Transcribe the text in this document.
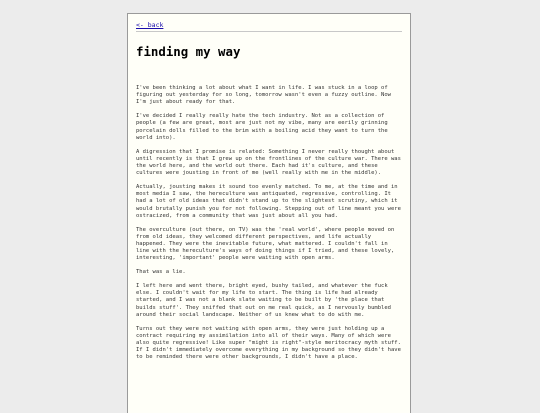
<- back
finding my way

I've been thinking a lot about what I want in life. I was stuck in a loop of figuring out yesterday for so long, tomorrow wasn't even a fuzzy outline. Now I'm just about ready for that.

I've decided I really really hate the tech industry. Not as a collection of people (a few are great, most are just not my vibe, many are eerily grinning porcelain dolls filled to the brim with a boiling acid they want to turn the world into).

A digression that I promise is related: Something I never really thought about until recently is that I grew up on the frontlines of the culture war. There was the world here, and the world out there. Each had it's culture, and these cultures were jousting in front of me (well really with me in the middle).

Actually, jousting makes it sound too evenly matched. To me, at the time and in most media I saw, the hereculture was antiquated, regressive, controlling. It had a lot of old ideas that didn't stand up to the slightest scrutiny, which it would brutally punish you for not following. Stepping out of line meant you were ostracized, from a community that was just about all you had.

The overculture (out there, on TV) was the 'real world', where people moved on from old ideas, they welcomed different perspectives, and life actually happened. They were the inevitable future, what mattered. I couldn't fall in line with the hereculture's ways of doing things if I tried, and these lovely, interesting, 'important' people were waiting with open arms.

That was a lie.

I left here and went there, bright eyed, bushy tailed, and whatever the fuck else. I couldn't wait for my life to start. The thing is life had already started, and I was not a blank slate waiting to be built by 'the place that builds stuff'. They sniffed that out on me real quick, as I nervously bumbled around their social landscape. Neither of us knew what to do with me.

Turns out they were not waiting with open arms, they were just holding up a contract requiring my assimilation into all of their ways. Many of which were also quite regressive! Like super "might is right"-style meritocracy myth stuff. If I didn't immediately overcome everything in my background so they didn't have to be reminded there were other backgrounds, I didn't have a place.
